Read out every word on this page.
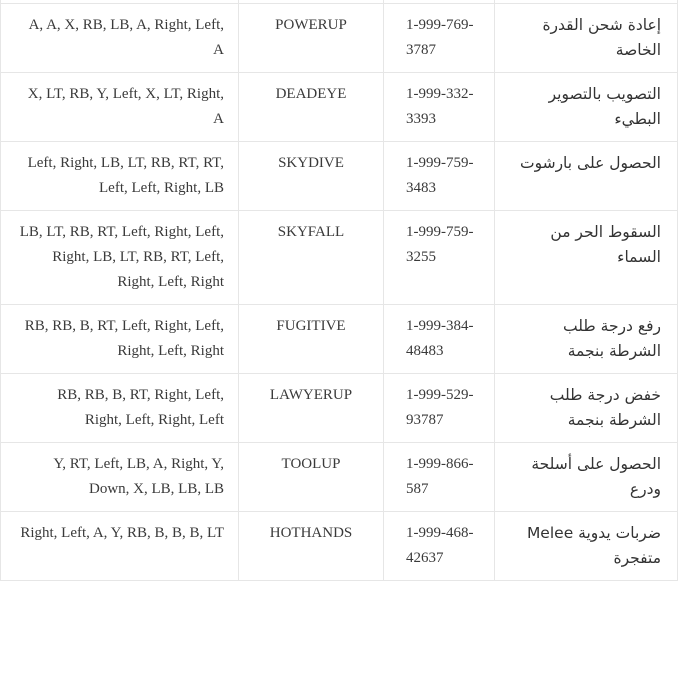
إعادة شحن القدرة الخاصة	1-999-769-3787	POWERUP	A, A, X, RB, LB, A, Right, Left, A
التصويب بالتصوير البطيء	1-999-332-3393	DEADEYE	X, LT, RB, Y, Left, X, LT, Right, A
الحصول على بارشوت	1-999-759-3483	SKYDIVE	Left, Right, LB, LT, RB, RT, RT, Left, Left, Right, LB
السقوط الحر من السماء	1-999-759-3255	SKYFALL	LB, LT, RB, RT, Left, Right, Left, Right, LB, LT, RB, RT, Left, Right, Left, Right
رفع درجة طلب الشرطة بنجمة	1-999-384-48483	FUGITIVE	RB, RB, B, RT, Left, Right, Left, Right, Left, Right
خفض درجة طلب الشرطة بنجمة	1-999-529-93787	LAWYERUP	RB, RB, B, RT, Right, Left, Right, Left, Right, Left
الحصول على أسلحة ودرع	1-999-866-587	TOOLUP	Y, RT, Left, LB, A, Right, Y, Down, X, LB, LB, LB
ضربات يدوية Melee متفجرة	1-999-468-42637	HOTHANDS	Right, Left, A, Y, RB, B, B, B, LT
